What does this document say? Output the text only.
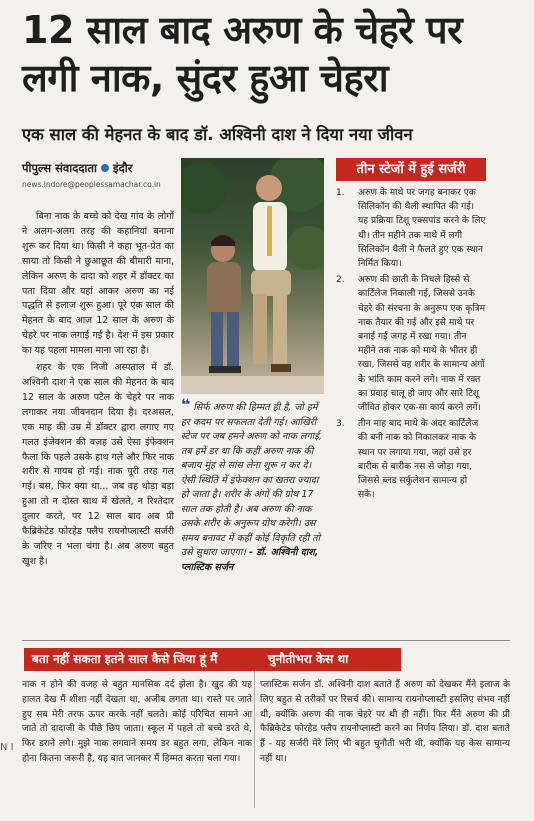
12 साल बाद अरुण के चेहरे पर लगी नाक, सुंदर हुआ चेहरा
एक साल की मेहनत के बाद डॉ. अश्विनी दाश ने दिया नया जीवन
पीपुल्स संवाददाता इंदौर
news.indore@peoplessamachar.co.in

बिना नाक के बच्चे को देख गांव के लोगों ने अलग-अलग तरह की कहानियां बनाना शुरू कर दिया था। किसी ने कहा भूत-प्रेत का साया तो किसी ने छुआछूत की बीमारी माना, लेकिन अरुण के दादा को शहर में डॉक्टर का पता दिया और यहां आकर अरुण का नई पद्धति से इलाज शुरू हुआ। पूरे एक साल की मेहनत के बाद आज 12 साल के अरुण के चेहरे पर नाक लगाई गई है। देश में इस प्रकार का यह पहला मामला माना जा रहा है।

शहर के एक निजी अस्पताल में डॉ. अश्विनी दाश ने एक साल की मेहनत के बाद 12 साल के अरुण पटेल के चेहरे पर नाक लगाकर नया जीवनदान दिया है। दरअसल, एक माह की उम्र में डॉक्टर द्वारा लगाए गए गलत इंजेक्शन की वजह उसे ऐसा इंफेक्शन फैला कि पहले उसके हाथ गले और फिर नाक शरीर से गायब हो गई। नाक पूरी तरह गल गई। बस, फिर क्या था... जब वह थोड़ा बड़ा हुआ तो न दोस्त साथ में खेलते, न रिश्तेदार दुलार करते, पर 12 साल बाद अब प्री फैब्रिकेटेड फोरहेड फ्लैप रायनोप्लास्टी सर्जरी के जरिए न भला चंगा है। अब अरुण बहुत खुश है।

❝ सिर्फ अरुण की हिम्मत ही है, जो हमें हर कदम पर सफलता देती गई। आखिरी स्टेज पर जब हमने अरुण को नाक लगाई, तब हमें डर था कि कहीं अरुण नाक की बजाय मुंह से सांस लेना शुरू न कर दे। ऐसी स्थिति में इंफेक्शन का खतरा ज्यादा हो जाता है। शरीर के अंगों की ग्रोथ 17 साल तक होती है। अब अरुण की नाक उसके शरीर के अनुरूप ग्रोथ करेगी। उस समय बनावट में कहीं कोई विकृति रही तो उसे सुधारा जाएगा। - डॉ. अश्विनी दाश, प्लास्टिक सर्जन
तीन स्टेजों में हुई सर्जरी
1. अरुण के माथे पर जगह बनाकर एक सिलिकॉन की थैली स्थापित की गई। यह प्रक्रिया टिशू एक्सपांड करने के लिए थी। तीन महीने तक माथे में लगी सिलिकॉन थैली ने फैलते हुए एक स्थान निर्मित किया।
2. अरुण की छाती के निचले हिस्से से कार्टिलेज निकाली गई, जिससे उनके चेहरे की संरचना के अनुरूप एक कृत्रिम नाक तैयार की गई और इसे माथे पर बनाई गई जगह में रखा गया। तीन महीने तक नाक को माथे के भीतर ही रखा, जिससे वह शरीर के सामान्य अंगों के भांति काम करने लगे। नाक में रक्त का प्रवाह चालू हो जाए और सारे टिशू जीवित होकर एक-सा कार्य करने लगें।
3. तीन माह बाद माथे के अंदर कार्टिलेज की बनी नाक को निकालकर नाक के स्थान पर लगाया गया, जहां उसे हर बारीक से बारीक नस से जोड़ा गया, जिससे ब्लड सर्कुलेशन सामान्य हो सके।
बता नहीं सकता इतने साल कैसे जिया हूं मैं	चुनौतीभरा केस था
नाक न होने की वजह से बहुत मानसिक दर्द झेला है। खुद की यह हालत देख मैं शीशा नहीं देखता था, अजीब लगता था। रास्ते पर जाते हुए सब मेरी तरफ ऊपर करके नहीं चलते। कोई परिचित सामने आ जाते तो दादाजी के पीछे छिप जाता। स्कूल में पहले तो बच्चे डरते थे, फिर डराने लगे। मुझे नाक लगवाने समय डर बहुत लगा, लेकिन नाक होना कितना जरूरी है, यह बात जानकर मैं हिम्मत करता चला गया।
प्लास्टिक सर्जन डॉ. अश्विनी दाश बताते हैं अरुण को देखकर मैंने इलाज के लिए बहुत से तरीकों पर रिसर्च की। सामान्य रायनोप्लास्टी इसलिए संभव नहीं थी, क्योंकि अरुण की नाक चेहरे पर थी ही नहीं। फिर मैंने अरुण की प्री फैब्रिकेटेड फोरहेड फ्लैप रायनोप्लास्टी करने का निर्णय लिया। डॉ. दाश बताते हैं - यह सर्जरी मेरे लिए भी बहुत चुनौती भरी थी, क्योंकि यह केस सामान्य नहीं था।
N I
